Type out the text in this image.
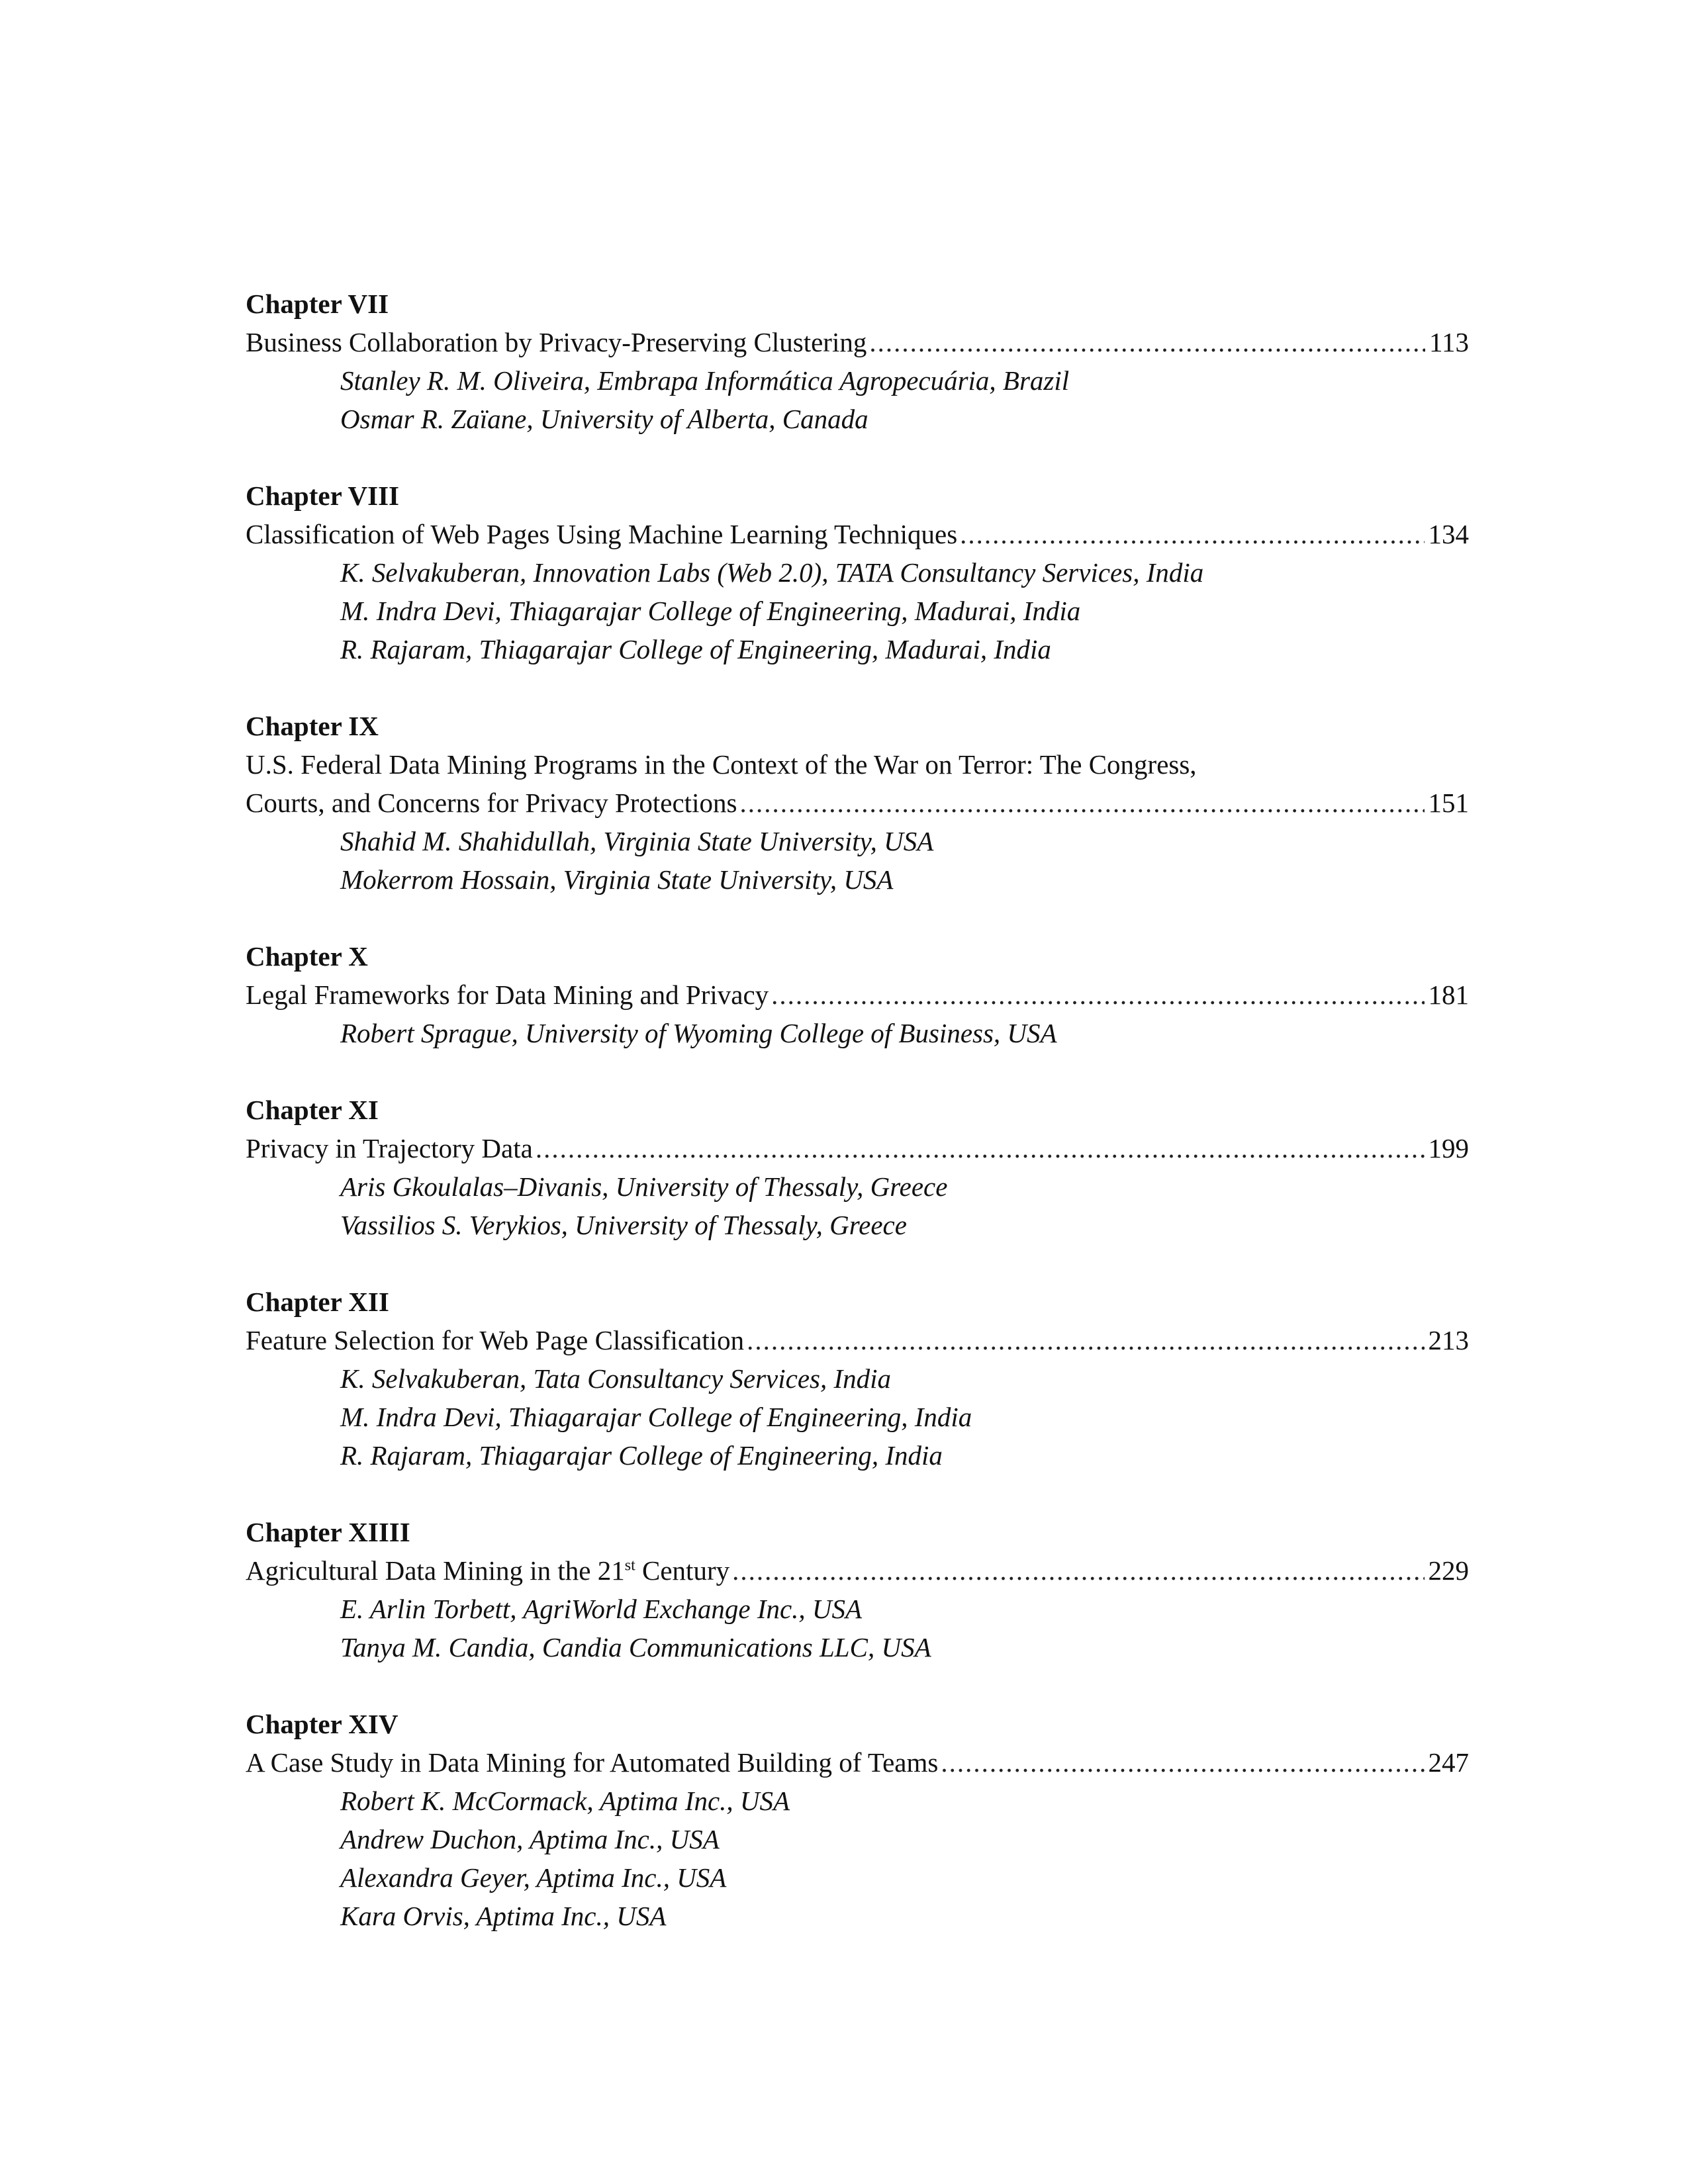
Chapter VII
Business Collaboration by Privacy-Preserving Clustering .....	113
Stanley R. M. Oliveira, Embrapa Informática Agropecuária, Brazil
Osmar R. Zaïane, University of Alberta, Canada
Chapter VIII
Classification of Web Pages Using Machine Learning Techniques .....	134
K. Selvakuberan, Innovation Labs (Web 2.0), TATA Consultancy Services, India
M. Indra Devi, Thiagarajar College of Engineering, Madurai, India
R. Rajaram, Thiagarajar College of Engineering, Madurai, India
Chapter IX
U.S. Federal Data Mining Programs in the Context of the War on Terror: The Congress,
Courts, and Concerns for Privacy Protections .....	151
Shahid M. Shahidullah, Virginia State University, USA
Mokerrom Hossain, Virginia State University, USA
Chapter X
Legal Frameworks for Data Mining and Privacy .....	181
Robert Sprague, University of Wyoming College of Business, USA
Chapter XI
Privacy in Trajectory Data .....	199
Aris Gkoulalas–Divanis, University of Thessaly, Greece
Vassilios S. Verykios, University of Thessaly, Greece
Chapter XII
Feature Selection for Web Page Classification .....	213
K. Selvakuberan, Tata Consultancy Services, India
M. Indra Devi, Thiagarajar College of Engineering, India
R. Rajaram, Thiagarajar College of Engineering, India
Chapter XIIII
Agricultural Data Mining in the 21st Century .....	229
E. Arlin Torbett, AgriWorld Exchange Inc., USA
Tanya M. Candia, Candia Communications LLC, USA
Chapter XIV
A Case Study in Data Mining for Automated Building of Teams .....	247
Robert K. McCormack, Aptima Inc., USA
Andrew Duchon, Aptima Inc., USA
Alexandra Geyer, Aptima Inc., USA
Kara Orvis, Aptima Inc., USA
